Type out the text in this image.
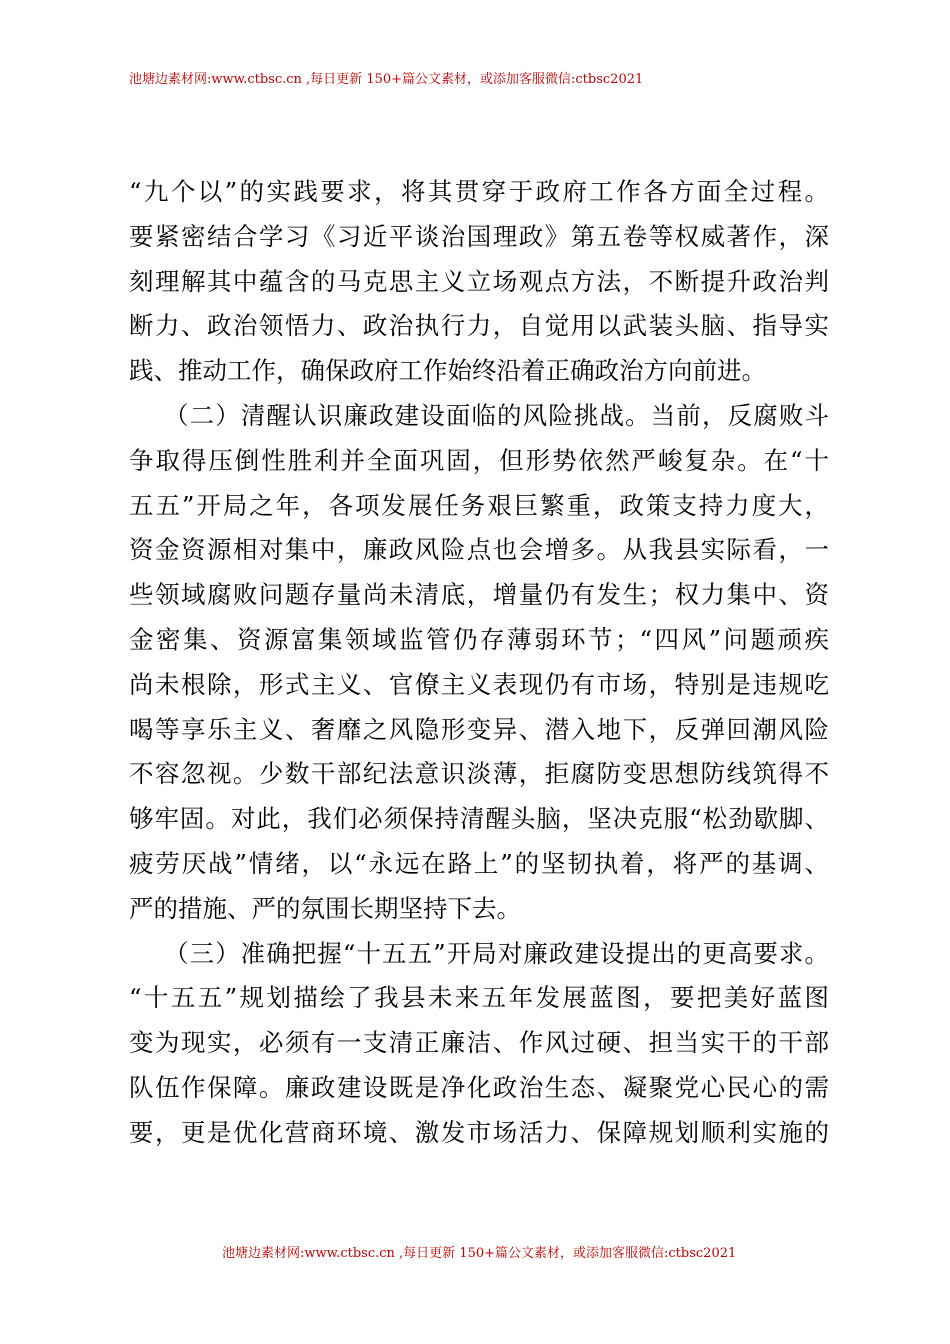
池塘边素材网:www.ctbsc.cn ,每日更新 150+篇公文素材，或添加客服微信:ctbsc2021
“九个以”的实践要求，将其贯穿于政府工作各方面全过程。
要紧密结合学习《习近平谈治国理政》第五卷等权威著作，深
刻理解其中蕴含的马克思主义立场观点方法，不断提升政治判
断力、政治领悟力、政治执行力，自觉用以武装头脑、指导实
践、推动工作，确保政府工作始终沿着正确政治方向前进。
（二）清醒认识廉政建设面临的风险挑战。当前，反腐败斗
争取得压倒性胜利并全面巩固，但形势依然严峻复杂。在“十
五五”开局之年，各项发展任务艰巨繁重，政策支持力度大，
资金资源相对集中，廉政风险点也会增多。从我县实际看，一
些领域腐败问题存量尚未清底，增量仍有发生；权力集中、资
金密集、资源富集领域监管仍存薄弱环节；“四风”问题顽疾
尚未根除，形式主义、官僚主义表现仍有市场，特别是违规吃
喝等享乐主义、奢靡之风隐形变异、潜入地下，反弹回潮风险
不容忽视。少数干部纪法意识淡薄，拒腐防变思想防线筑得不
够牢固。对此，我们必须保持清醒头脑，坚决克服“松劲歇脚、
疲劳厌战”情绪，以“永远在路上”的坚韧执着，将严的基调、
严的措施、严的氛围长期坚持下去。
（三）准确把握“十五五”开局对廉政建设提出的更高要求。
“十五五”规划描绘了我县未来五年发展蓝图，要把美好蓝图
变为现实，必须有一支清正廉洁、作风过硬、担当实干的干部
队伍作保障。廉政建设既是净化政治生态、凝聚党心民心的需
要，更是优化营商环境、激发市场活力、保障规划顺利实施的
池塘边素材网:www.ctbsc.cn ,每日更新 150+篇公文素材，或添加客服微信:ctbsc2021
